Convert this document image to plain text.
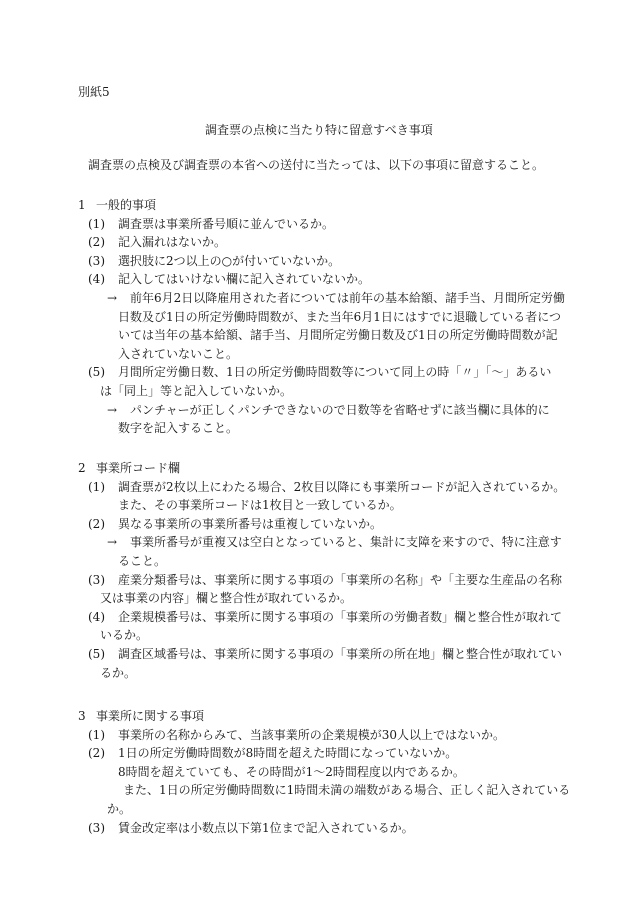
別紙5
調査票の点検に当たり特に留意すべき事項
調査票の点検及び調査票の本省への送付に当たっては、以下の事項に留意すること。
1 一般的事項
(1) 調査票は事業所番号順に並んでいるか。
(2) 記入漏れはないか。
(3) 選択肢に2つ以上の○が付いていないか。
(4) 記入してはいけない欄に記入されていないか。
→ 前年6月2日以降雇用された者については前年の基本給額、諸手当、月間所定労働
日数及び1日の所定労働時間数が、また当年6月1日にはすでに退職している者につ
いては当年の基本給額、諸手当、月間所定労働日数及び1日の所定労働時間数が記
入されていないこと。
(5) 月間所定労働日数、1日の所定労働時間数等について同上の時「〃」「～」あるい
は「同上」等と記入していないか。
→ パンチャーが正しくパンチできないので日数等を省略せずに該当欄に具体的に
数字を記入すること。
2 事業所コード欄
(1) 調査票が2枚以上にわたる場合、2枚目以降にも事業所コードが記入されているか。
また、その事業所コードは1枚目と一致しているか。
(2) 異なる事業所の事業所番号は重複していないか。
→ 事業所番号が重複又は空白となっていると、集計に支障を来すので、特に注意す
ること。
(3) 産業分類番号は、事業所に関する事項の「事業所の名称」や「主要な生産品の名称
又は事業の内容」欄と整合性が取れているか。
(4) 企業規模番号は、事業所に関する事項の「事業所の労働者数」欄と整合性が取れて
いるか。
(5) 調査区域番号は、事業所に関する事項の「事業所の所在地」欄と整合性が取れてい
るか。
3 事業所に関する事項
(1) 事業所の名称からみて、当該事業所の企業規模が30人以上ではないか。
(2) 1日の所定労働時間数が8時間を超えた時間になっていないか。
8時間を超えていても、その時間が1～2時間程度以内であるか。
また、1日の所定労働時間数に1時間未満の端数がある場合、正しく記入されている
か。
(3) 賃金改定率は小数点以下第1位まで記入されているか。
